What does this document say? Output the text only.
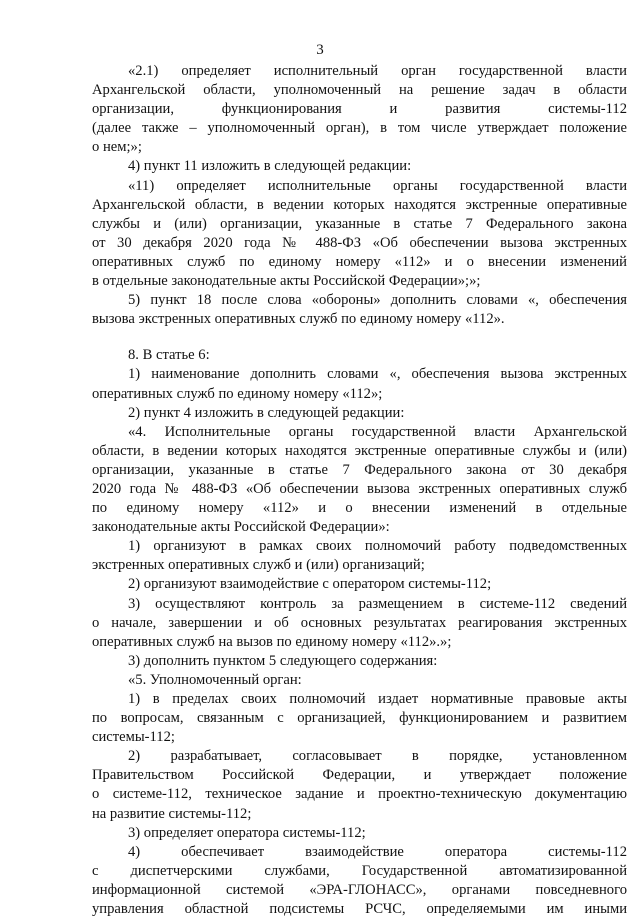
3
«2.1) определяет исполнительный орган государственной власти
Архангельской области, уполномоченный на решение задач в области
организации, функционирования и развития системы-112
(далее также – уполномоченный орган), в том числе утверждает положение
о нем;»;
4) пункт 11 изложить в следующей редакции:
«11) определяет исполнительные органы государственной власти
Архангельской области, в ведении которых находятся экстренные оперативные
службы и (или) организации, указанные в статье 7 Федерального закона
от 30 декабря 2020 года № 488-ФЗ «Об обеспечении вызова экстренных
оперативных служб по единому номеру «112» и о внесении изменений
в отдельные законодательные акты Российской Федерации»;»;
5) пункт 18 после слова «обороны» дополнить словами «, обеспечения
вызова экстренных оперативных служб по единому номеру «112».
8. В статье 6:
1) наименование дополнить словами «, обеспечения вызова экстренных
оперативных служб по единому номеру «112»;
2) пункт 4 изложить в следующей редакции:
«4. Исполнительные органы государственной власти Архангельской
области, в ведении которых находятся экстренные оперативные службы и (или)
организации, указанные в статье 7 Федерального закона от 30 декабря
2020 года № 488-ФЗ «Об обеспечении вызова экстренных оперативных служб
по единому номеру «112» и о внесении изменений в отдельные
законодательные акты Российской Федерации»:
1) организуют в рамках своих полномочий работу подведомственных
экстренных оперативных служб и (или) организаций;
2) организуют взаимодействие с оператором системы-112;
3) осуществляют контроль за размещением в системе-112 сведений
о начале, завершении и об основных результатах реагирования экстренных
оперативных служб на вызов по единому номеру «112».»;
3) дополнить пунктом 5 следующего содержания:
«5. Уполномоченный орган:
1) в пределах своих полномочий издает нормативные правовые акты
по вопросам, связанным с организацией, функционированием и развитием
системы-112;
2) разрабатывает, согласовывает в порядке, установленном
Правительством Российской Федерации, и утверждает положение
о системе-112, техническое задание и проектно-техническую документацию
на развитие системы-112;
3) определяет оператора системы-112;
4) обеспечивает взаимодействие оператора системы-112
с диспетчерскими службами, Государственной автоматизированной
информационной системой «ЭРА-ГЛОНАСС», органами повседневного
управления областной подсистемы РСЧС, определяемыми им иными
